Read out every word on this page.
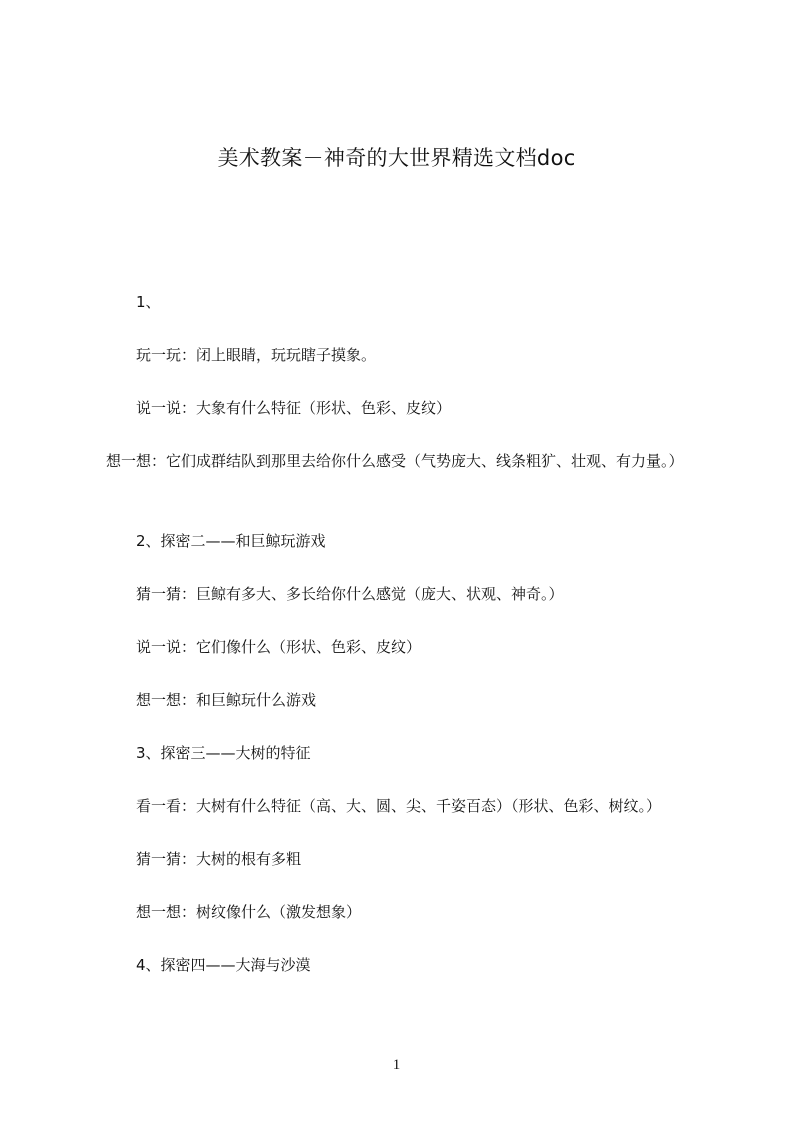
美术教案－神奇的大世界精选文档doc
1、
玩一玩：闭上眼睛，玩玩瞎子摸象。
说一说：大象有什么特征（形状、色彩、皮纹）
想一想：它们成群结队到那里去给你什么感受（气势庞大、线条粗犷、壮观、有力量。）
2、探密二——和巨鲸玩游戏
猜一猜：巨鲸有多大、多长给你什么感觉（庞大、状观、神奇。）
说一说：它们像什么（形状、色彩、皮纹）
想一想：和巨鲸玩什么游戏
3、探密三——大树的特征
看一看：大树有什么特征（高、大、圆、尖、千姿百态）（形状、色彩、树纹。）
猜一猜：大树的根有多粗
想一想：树纹像什么（激发想象）
4、探密四——大海与沙漠
1
